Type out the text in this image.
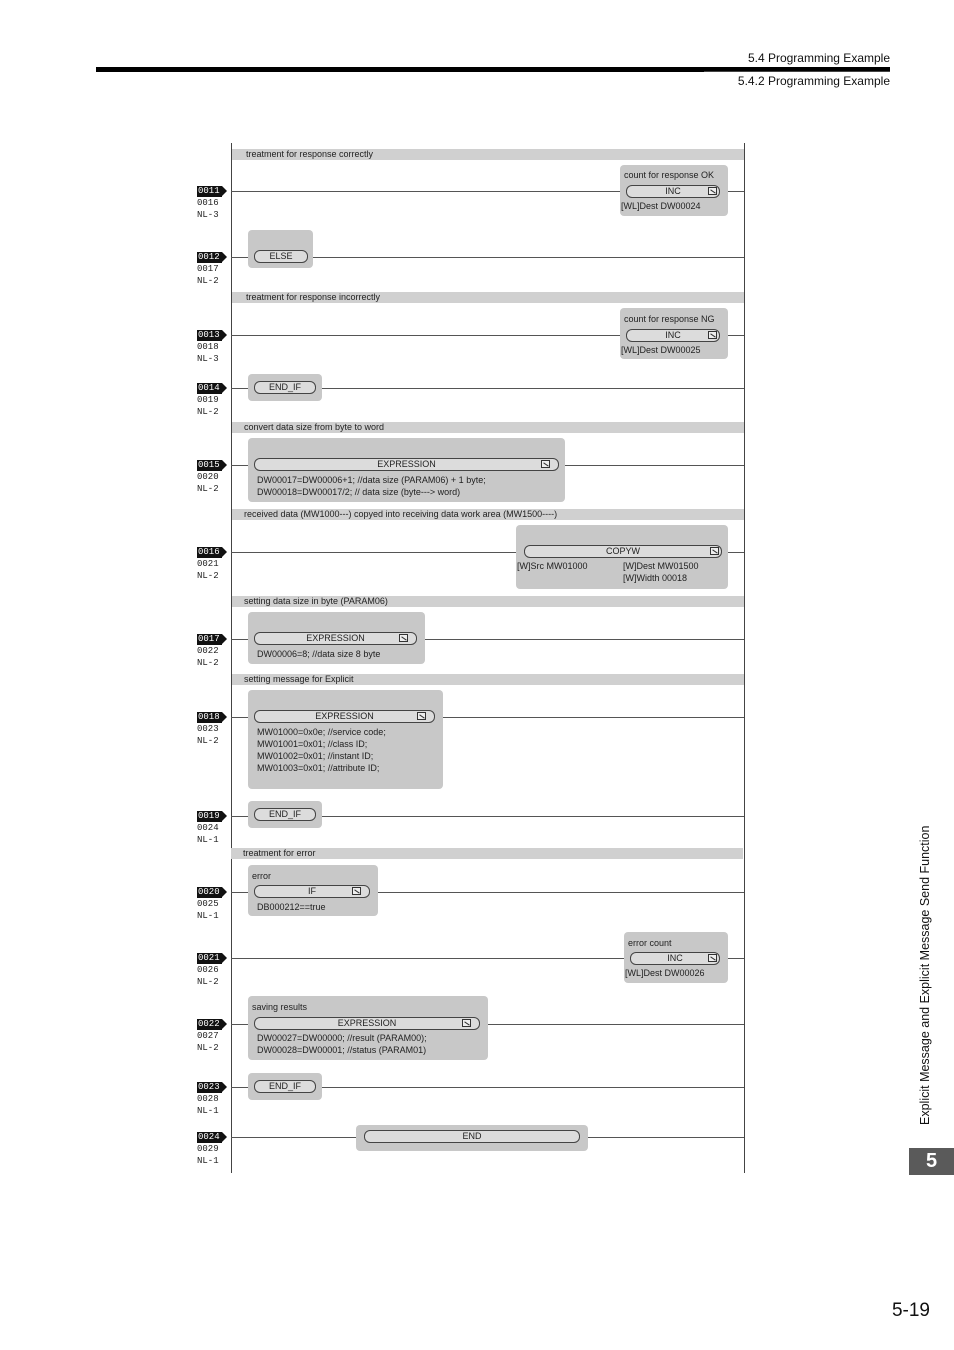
5.4 Programming Example
5.4.2 Programming Example
treatment for response correctly
treatment for response incorrectly
convert data size from byte to word
received data (MW1000---) copyed into receiving data work area (MW1500----)
setting data size in byte (PARAM06)
setting message for Explicit
treatment for error
0011
0016
NL-3
0012
0017
NL-2
0013
0018
NL-3
0014
0019
NL-2
0015
0020
NL-2
0016
0021
NL-2
0017
0022
NL-2
0018
0023
NL-2
0019
0024
NL-1
0020
0025
NL-1
0021
0026
NL-2
0022
0027
NL-2
0023
0028
NL-1
0024
0029
NL-1
count for response OK
INC
[WL]Dest DW00024
ELSE
count for response NG
INC
[WL]Dest DW00025
END_IF
EXPRESSION
DW00017=DW00006+1; //data size (PARAM06) + 1 byte;
DW00018=DW00017/2; // data size (byte---> word)
COPYW
[W]Src MW01000	[W]Dest MW01500
[W]Width 00018
EXPRESSION
DW00006=8; //data size 8 byte
EXPRESSION
MW01000=0x0e; //service code;
MW01001=0x01; //class ID;
MW01002=0x01; //instant ID;
MW01003=0x01; //attribute ID;
END_IF
error
IF
DB000212==true
error count
INC
[WL]Dest DW00026
saving results
EXPRESSION
DW00027=DW00000; //result (PARAM00);
DW00028=DW00001; //status (PARAM01)
END_IF
END
Explicit Message and Explicit Message Send Function
5
5-19
